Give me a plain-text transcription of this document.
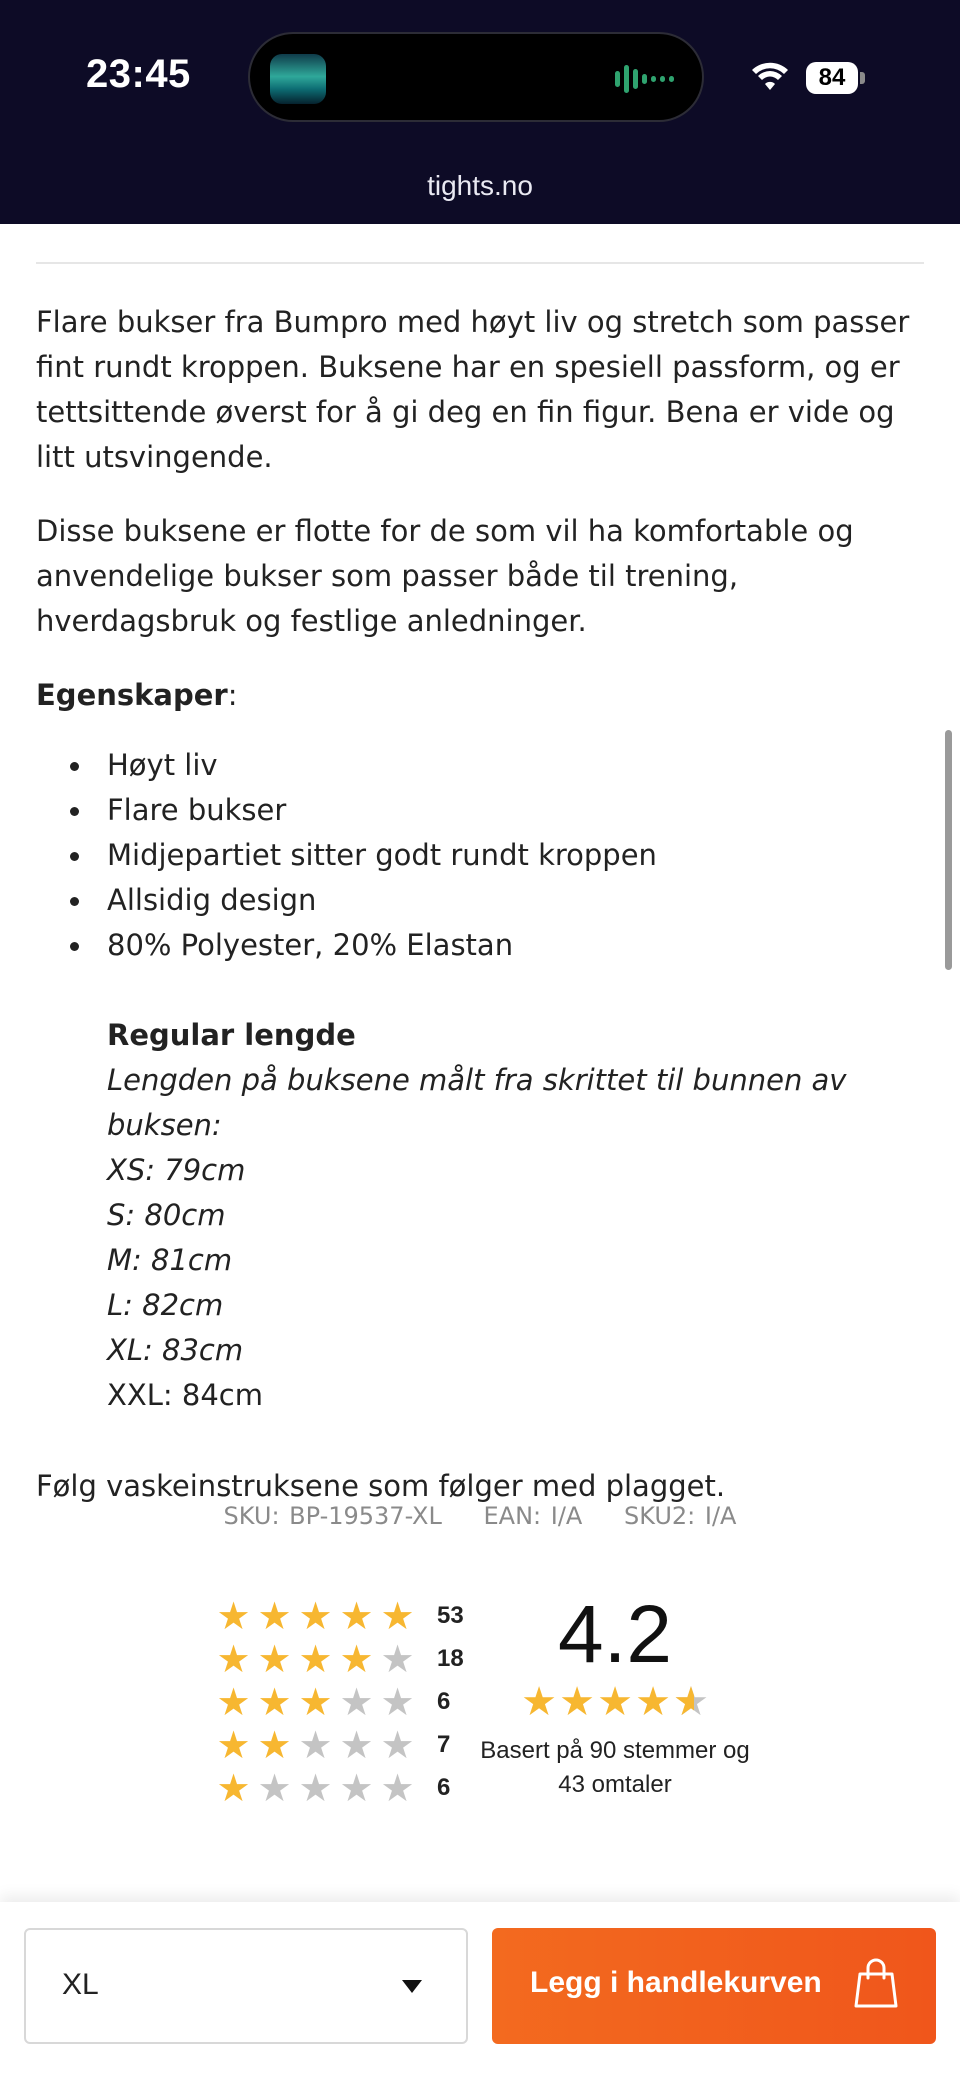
23:45	84
tights.no

Flare bukser fra Bumpro med høyt liv og stretch som passer fint rundt kroppen. Buksene har en spesiell passform, og er tettsittende øverst for å gi deg en fin figur. Bena er vide og litt utsvingende.

Disse buksene er flotte for de som vil ha komfortable og anvendelige bukser som passer både til trening, hverdagsbruk og festlige anledninger.

Egenskaper:

Høyt liv
Flare bukser
Midjepartiet sitter godt rundt kroppen
Allsidig design
80% Polyester, 20% Elastan
Regular lengde
Lengden på buksene målt fra skrittet til bunnen av buksen:
XS: 79cm
S: 80cm
M: 81cm
L: 82cm
XL: 83cm
XXL: 84cm

Følg vaskeinstruksene som følger med plagget.

SKU: BP-19537-XL EAN: I/A SKU2: I/A
★ ★ ★ ★ ★ 53
★ ★ ★ ★ ★ 18
★ ★ ★ ★ ★ 6
★ ★ ★ ★ ★ 7
★ ★ ★ ★ ★ 6
4.2
★ ★ ★ ★ ★ ★
Basert på 90 stemmer og
43 omtaler
XL	Legg i handlekurven
